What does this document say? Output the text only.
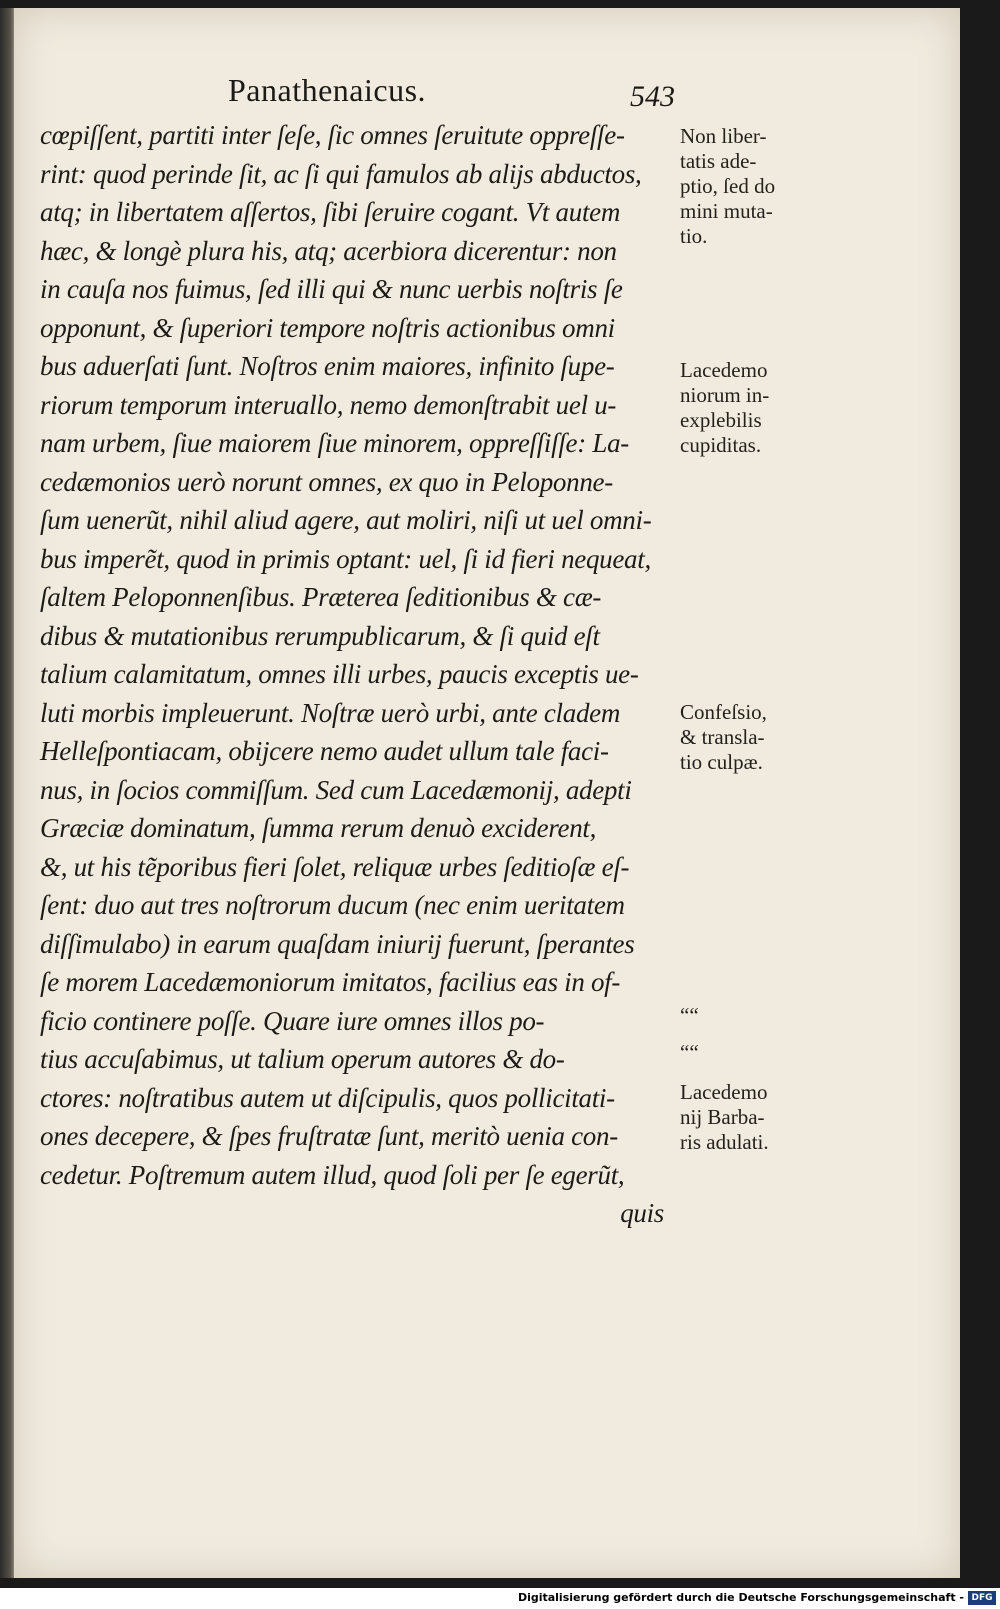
Panathenaicus.	543
cœpiſſent, partiti inter ſeſe, ſic omnes ſeruitute oppreſſe-
rint: quod perinde ſit, ac ſi qui famulos ab alijs abductos,
atq; in libertatem aſſertos, ſibi ſeruire cogant. Vt autem
hæc, & longè plura his, atq; acerbiora dicerentur: non
in cauſa nos fuimus, ſed illi qui & nunc uerbis noſtris ſe
opponunt, & ſuperiori tempore noſtris actionibus omni
bus aduerſati ſunt. Noſtros enim maiores, infinito ſupe-
riorum temporum interuallo, nemo demonſtrabit uel u-
nam urbem, ſiue maiorem ſiue minorem, oppreſſiſſe: La-
cedæmonios uerò norunt omnes, ex quo in Peloponne-
ſum uenerũt, nihil aliud agere, aut moliri, niſi ut uel omni-
bus imperẽt, quod in primis optant: uel, ſi id fieri nequeat,
ſaltem Peloponnenſibus. Præterea ſeditionibus & cæ-
dibus & mutationibus rerumpublicarum, & ſi quid eſt
talium calamitatum, omnes illi urbes, paucis exceptis ue-
luti morbis impleuerunt. Noſtræ uerò urbi, ante cladem
Helleſpontiacam, obijcere nemo audet ullum tale faci-
nus, in ſocios commiſſum. Sed cum Lacedæmonij, adepti
Græciæ dominatum, ſumma rerum denuò exciderent,
&, ut his tẽporibus fieri ſolet, reliquæ urbes ſeditioſæ eſ-
ſent: duo aut tres noſtrorum ducum (nec enim ueritatem
diſſimulabo) in earum quaſdam iniurij fuerunt, ſperantes
ſe morem Lacedæmoniorum imitatos, facilius eas in of-
ficio continere poſſe. Quare iure omnes illos po-
tius accuſabimus, ut talium operum autores & do-
ctores: noſtratibus autem ut diſcipulis, quos pollicitati-
ones decepere, & ſpes fruſtratæ ſunt, meritò uenia con-
cedetur. Poſtremum autem illud, quod ſoli per ſe egerũt,
quis
Non liber-
tatis ade-
ptio, ſed do
mini muta-
tio.
Lacedemo
niorum in-
explebilis
cupiditas.
Confeſsio,
& transla-
tio culpæ.
““
““
Lacedemo
nij Barba-
ris adulati.
Digitalisierung gefördert durch die Deutsche Forschungsgemeinschaft - DFG
